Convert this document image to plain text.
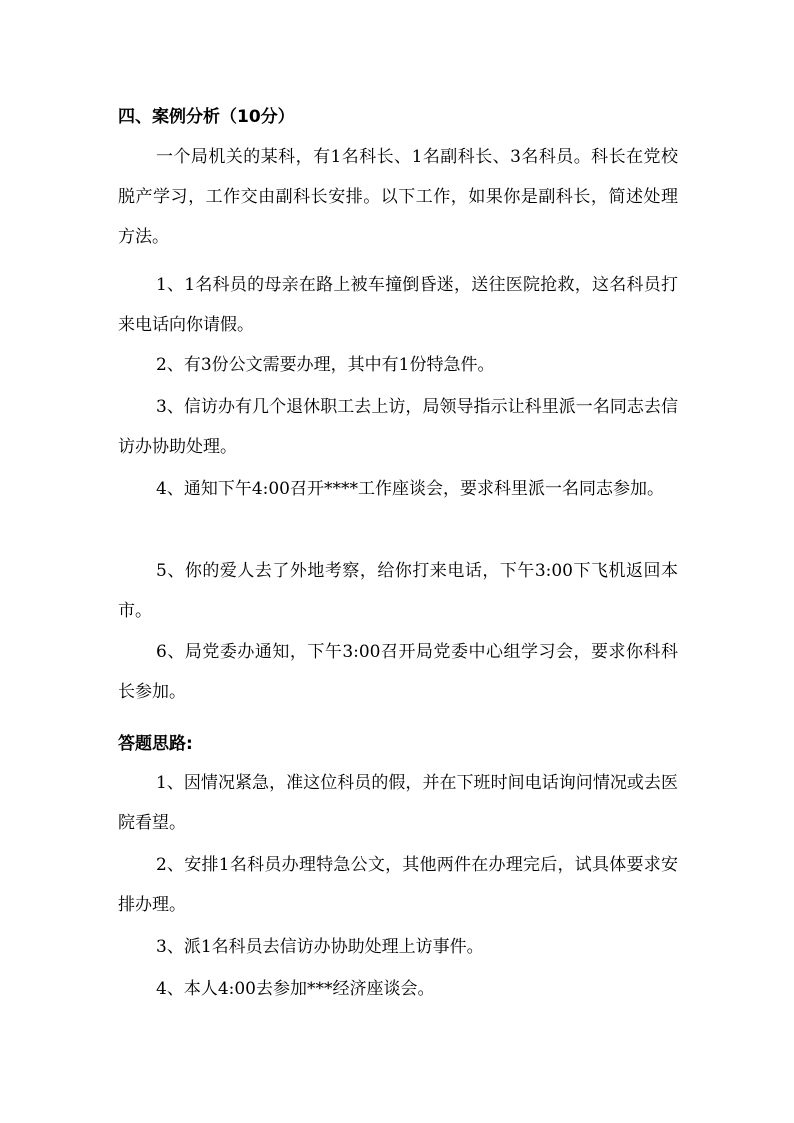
四、案例分析（10分）
一个局机关的某科，有1名科长、1名副科长、3名科员。科长在党校脱产学习，工作交由副科长安排。以下工作，如果你是副科长，简述处理方法。
1、1名科员的母亲在路上被车撞倒昏迷，送往医院抢救，这名科员打来电话向你请假。
2、有3份公文需要办理，其中有1份特急件。
3、信访办有几个退休职工去上访，局领导指示让科里派一名同志去信访办协助处理。
4、通知下午4:00召开****工作座谈会，要求科里派一名同志参加。
5、你的爱人去了外地考察，给你打来电话，下午3:00下飞机返回本市。
6、局党委办通知，下午3:00召开局党委中心组学习会，要求你科科长参加。
答题思路:
1、因情况紧急，准这位科员的假，并在下班时间电话询问情况或去医院看望。
2、安排1名科员办理特急公文，其他两件在办理完后，试具体要求安排办理。
3、派1名科员去信访办协助处理上访事件。
4、本人4:00去参加***经济座谈会。
